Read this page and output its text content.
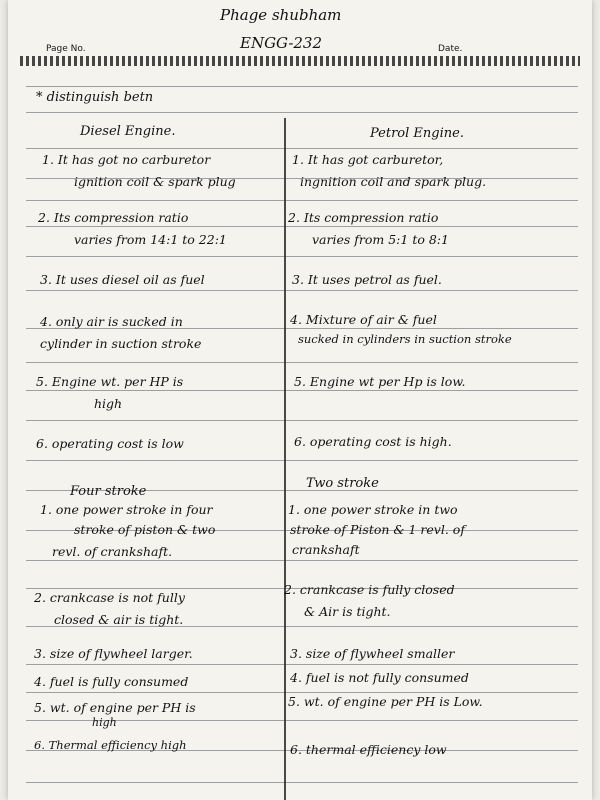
Phage shubham
ENGG-232
Page No.	Date.
* distinguish betn
Diesel Engine.	Petrol Engine.
1. It has got no carburetor
ignition coil & spark plug
2. Its compression ratio
varies from 14:1 to 22:1
3. It uses diesel oil as fuel
4. only air is sucked in
cylinder in suction stroke
5. Engine wt. per HP is
high
6. operating cost is low
1. It has got carburetor,
ingnition coil and spark plug.
2. Its compression ratio
varies from 5:1 to 8:1
3. It uses petrol as fuel.
4. Mixture of air & fuel
sucked in cylinders in suction stroke
5. Engine wt per Hp is low.
6. operating cost is high.
Four stroke
Two stroke
1. one power stroke in four
stroke of piston & two
revl. of crankshaft.
2. crankcase is not fully
closed & air is tight.
3. size of flywheel larger.
4. fuel is fully consumed
5. wt. of engine per PH is
high
6. Thermal efficiency high
1. one power stroke in two
stroke of Piston & 1 revl. of
crankshaft
2. crankcase is fully closed
& Air is tight.
3. size of flywheel smaller
4. fuel is not fully consumed
5. wt. of engine per PH is Low.
6. thermal efficiency low
